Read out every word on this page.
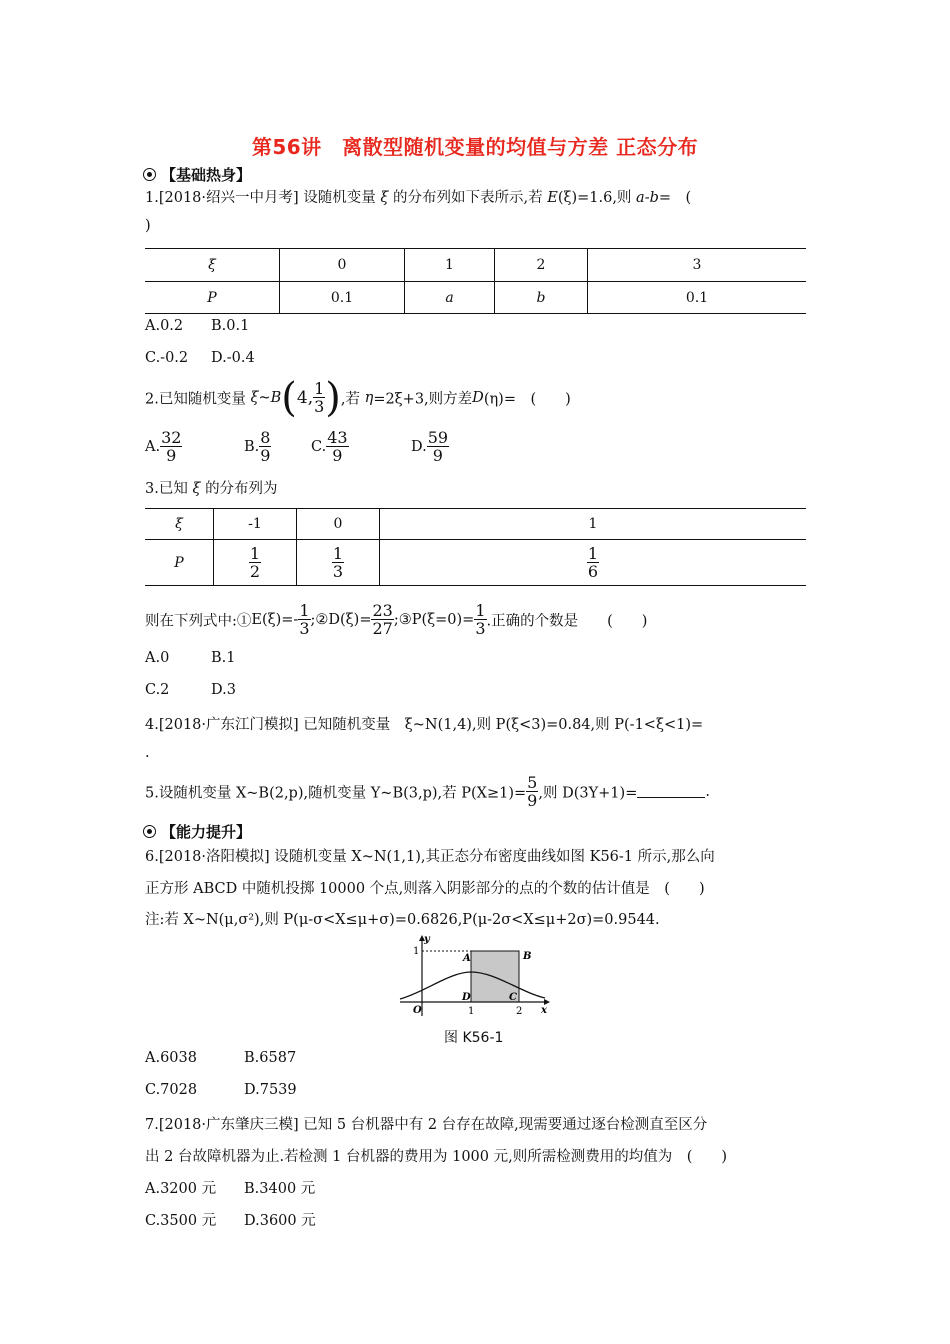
第56讲　离散型随机变量的均值与方差 正态分布
【基础热身】
1.[2018·绍兴一中月考] 设随机变量 ξ 的分布列如下表所示,若 E(ξ)=1.6,则 a-b=　(
)
ξ	0	1	2	3
P	0.1	a	b	0.1
A.0.2 B.0.1
C.-0.2 D.-0.4
2.已知随机变量 ξ~B(4, $\frac{1}{3}$ ),若 η=2ξ+3,则方差D(η)=　(　　)
A. $\frac{32}{9}$	B. $\frac{8}{9}$	C. $\frac{43}{9}$	D. $\frac{59}{9}$
3.已知 ξ 的分布列为
ξ	-1	0	1
P	$\frac{1}{2}$	$\frac{1}{3}$	$\frac{1}{6}$
则在下列式中:①E(ξ)=- $\frac{1}{3}$ ;②D(ξ)= $\frac{23}{27}$ ;③P(ξ=0)= $\frac{1}{3}$ .正确的个数是　　(　　)
A.0	B.1
C.2	D.3
4.[2018·广东江门模拟] 已知随机变量　ξ~N(1,4),则 P(ξ<3)=0.84,则 P(-1<ξ<1)=
.
5.设随机变量 X~B(2,p),随机变量 Y~B(3,p),若 $P(X\ge 1)= \frac{5}{9}$ ,则 D(3Y+1)=	.
【能力提升】
6.[2018·洛阳模拟] 设随机变量 X~N(1,1),其正态分布密度曲线如图 K56-1 所示,那么向
正方形 ABCD 中随机投掷 10000 个点,则落入阴影部分的点的个数的估计值是　(　　)
注:若 X~N(μ,σ²),则 P(μ-σ<X≤μ+σ)=0.6826,P(μ-2σ<X≤μ+2σ)=0.9544.
y
1
A	B
D	C
O	1	2 x
图 K56-1
A.6038	B.6587
C.7028	D.7539
7.[2018·广东肇庆三模] 已知 5 台机器中有 2 台存在故障,现需要通过逐台检测直至区分
出 2 台故障机器为止.若检测 1 台机器的费用为 1000 元,则所需检测费用的均值为　(　　)
A.3200 元 B.3400 元
C.3500 元 D.3600 元
